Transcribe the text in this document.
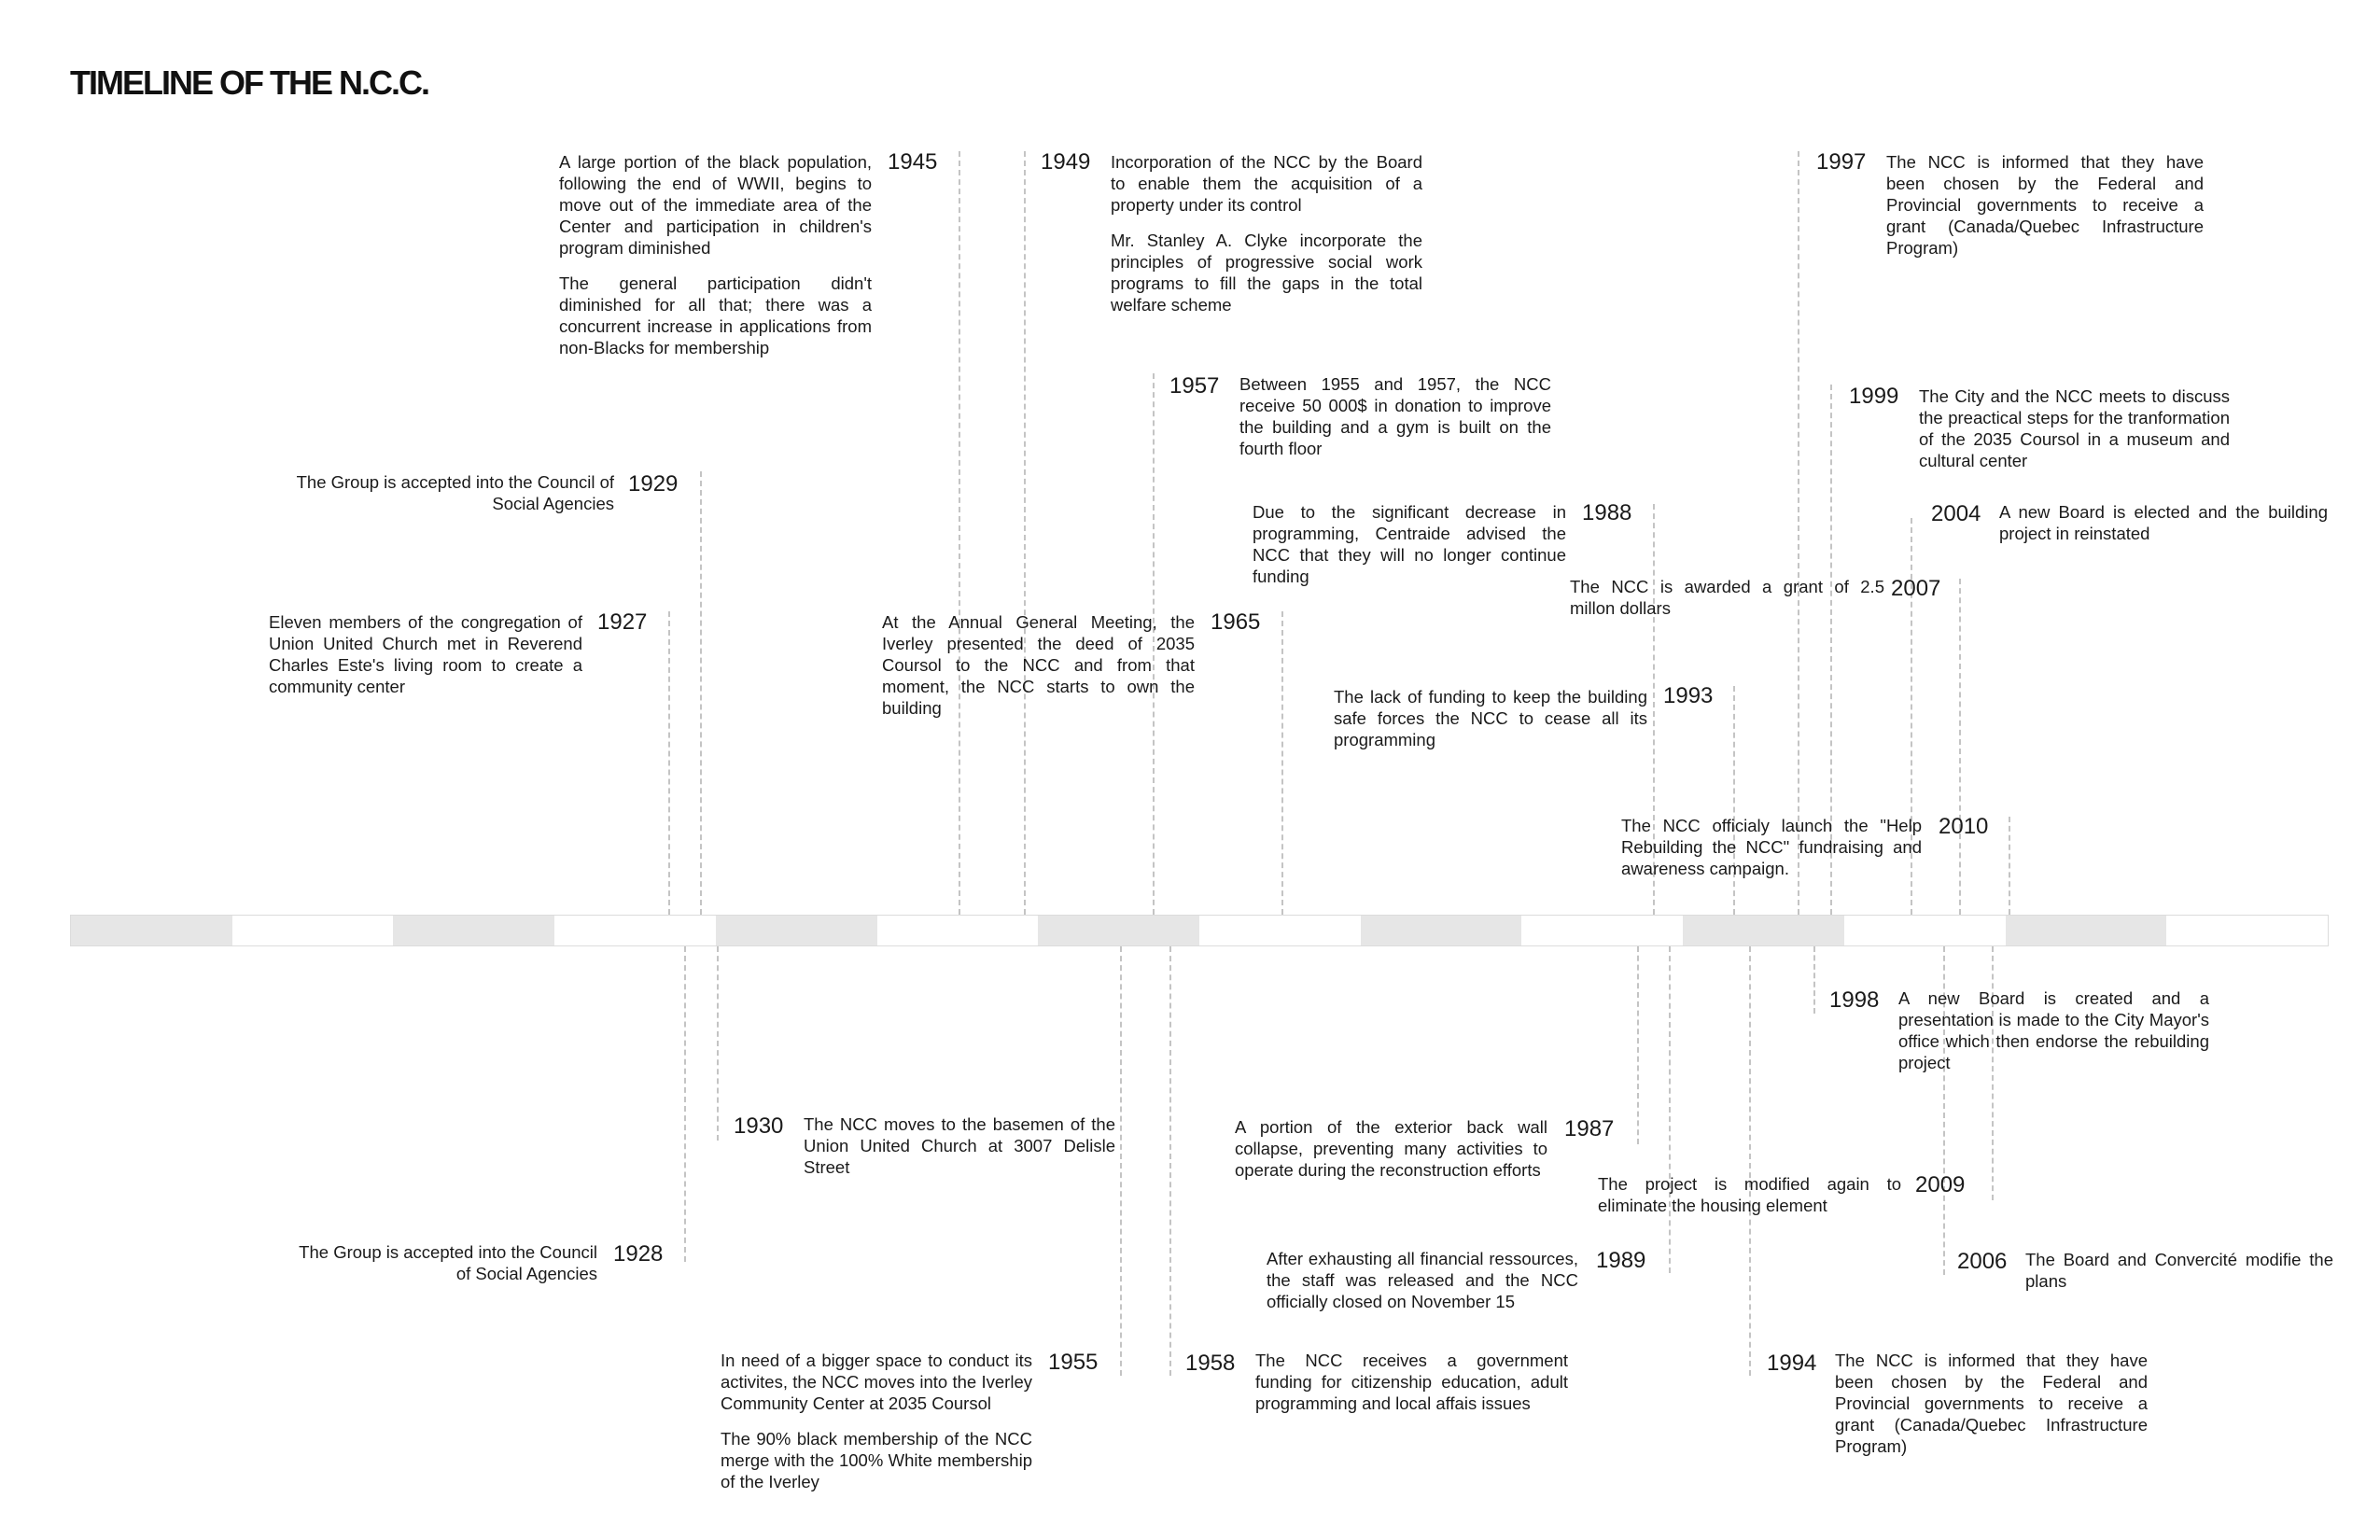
TIMELINE OF THE N.C.C.

Eleven members of the congregation of Union United Church met in Reverend Charles Este's living room to create a community center

1927

The Group is accepted into the Council of Social Agencies

1929

A large portion of the black population, following the end of WWII, begins to move out of the immediate area of the Center and participation in children's program diminished

The general participation didn't diminished for all that; there was a concurrent increase in applications from non-Blacks for membership

1945	1949 Incorporation of the NCC by the Board to enable them the acquisition of a property under its control

Mr. Stanley A. Clyke incorporate the principles of progressive social work programs to fill the gaps in the total welfare scheme

1957 Between 1955 and 1957, the NCC receive 50 000$ in donation to improve the building and a gym is built on the fourth floor

At the Annual General Meeting, the Iverley presented the deed of 2035 Coursol to the NCC and from that moment, the NCC starts to own the building

1965

Due to the significant decrease in programming, Centraide advised the NCC that they will no longer continue funding

1988

The lack of funding to keep the building safe forces the NCC to cease all its programming

1993
1997 The NCC is informed that they have been chosen by the Federal and Provincial governments to receive a grant (Canada/Quebec Infrastructure Program)

1999 The City and the NCC meets to discuss the preactical steps for the tranformation of the 2035 Coursol in a museum and cultural center

2004 A new Board is elected and the building project in reinstated

The NCC is awarded a grant of 2.5 millon dollars

2007

The NCC officialy launch the "Help Rebuilding the NCC" fundraising and awareness campaign.

2010

The Group is accepted into the Council of Social Agencies

1928
1930 The NCC moves to the basemen of the Union United Church at 3007 Delisle Street

In need of a bigger space to conduct its activites, the NCC moves into the Iverley Community Center at 2035 Coursol

The 90% black membership of the NCC merge with the 100% White membership of the Iverley

1955	1958 The NCC receives a government funding for citizenship education, adult programming and local affais issues

A portion of the exterior back wall collapse, preventing many activities to operate during the reconstruction efforts

1987

After exhausting all financial ressources, the staff was released and the NCC officially closed on November 15

1989
1994 The NCC is informed that they have been chosen by the Federal and Provincial governments to receive a grant (Canada/Quebec Infrastructure Program)

1998 A new Board is created and a presentation is made to the City Mayor's office which then endorse the rebuilding project

2006 The Board and Convercité modifie the plans

The project is modified again to eliminate the housing element

2009
